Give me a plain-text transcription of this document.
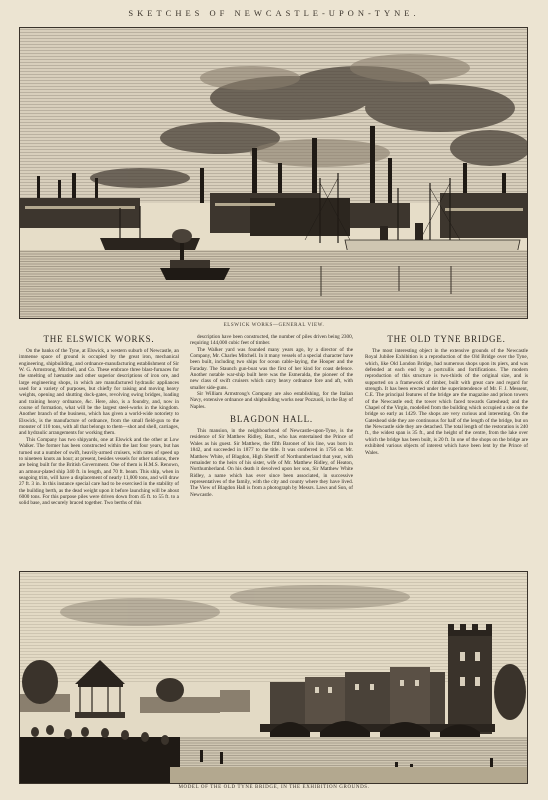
SKETCHES OF NEWCASTLE-UPON-TYNE.
ELSWICK WORKS—GENERAL VIEW.
THE ELSWICK WORKS.

On the banks of the Tyne, at Elswick, a western suburb of Newcastle, an immense space of ground is occupied by the great iron, mechanical engineering, shipbuilding, and ordnance-manufacturing establishment of Sir W. G. Armstrong, Mitchell, and Co. These embrace three blast-furnaces for the smelting of hæmatite and other superior descriptions of iron ore, and large engineering shops, in which are manufactured hydraulic appliances used for a variety of purposes, but chiefly for raising and moving heavy weights, opening and shutting dock-gates, revolving swing bridges, loading and training heavy ordnance, &c. Here, also, is a foundry, and, now in course of formation, what will be the largest steel-works in the kingdom. Another branch of the business, which has given a world-wide notoriety to Elswick, is the manufacture of ordnance, from the small field-gun to the monster of 110 tons, with all that belongs to them—shot and shell, carriages, and hydraulic arrangements for working them.

This Company has two shipyards, one at Elswick and the other at Low Walker. The former has been constructed within the last four years, but has turned out a number of swift, heavily-armed cruisers, with rates of speed up to nineteen knots an hour; at present, besides vessels for other nations, there are being built for the British Government. One of them is H.M.S. Renown, an armour-plated ship 340 ft. in length, and 70 ft. beam. This ship, when in seagoing trim, will have a displacement of nearly 11,000 tons, and will draw 27 ft. 3 in. In this instance special care had to be exercised in the stability of the building berth, as the dead weight upon it before launching will be about 6000 tons. For this purpose piles were driven down from 45 ft. to 55 ft. to a solid base, and securely braced together. Two berths of this

description have been constructed, the number of piles driven being 2300, requiring 144,000 cubic feet of timber.

The Walker yard was founded many years ago, by a director of the Company, Mr. Charles Mitchell. In it many vessels of a special character have been built, including two ships for ocean cable-laying, the Hooper and the Faraday. The Staunch gun-boat was the first of her kind for coast defence. Another notable war-ship built here was the Esmeralda, the pioneer of the new class of swift cruisers which carry heavy ordnance fore and aft, with smaller side-guns.

Sir William Armstrong's Company are also establishing, for the Italian Navy, extensive ordnance and shipbuilding works near Pozzuoli, in the Bay of Naples.

BLAGDON HALL.

This mansion, in the neighbourhood of Newcastle-upon-Tyne, is the residence of Sir Matthew Ridley, Bart., who has entertained the Prince of Wales as his guest. Sir Matthew, the fifth Baronet of his line, was born in 1842, and succeeded in 1877 to the title. It was conferred in 1756 on Mr. Matthew White, of Blagdon, High Sheriff of Northumberland that year, with remainder to the heirs of his sister, wife of Mr. Matthew Ridley, of Heaton, Northumberland. On his death it devolved upon her son, Sir Matthew White Ridley, a name which has ever since been associated, in successive representatives of the family, with the city and county where they have lived. The View of Blagdon Hall is from a photograph by Messrs. Laws and Son, of Newcastle.

THE OLD TYNE BRIDGE.

The most interesting object in the extensive grounds of the Newcastle Royal Jubilee Exhibition is a reproduction of the Old Bridge over the Tyne, which, like Old London Bridge, had numerous shops upon its piers, and was defended at each end by a portcullis and fortifications. The modern reproduction of this structure is two-thirds of the original size, and is supported on a framework of timber, built with great care and regard for strength. It has been erected under the superintendence of Mr. F. J. Messent, C.E. The principal features of the bridge are the magazine and prison towers of the Newcastle end; the tower which faced towards Gateshead; and the Chapel of the Virgin, modelled from the building which occupied a site on the bridge so early as 1429. The shops are very curious and interesting. On the Gateshead side they are continuous for half of the length of the bridge, but on the Newcastle side they are detached. The total length of the restoration is 240 ft., the widest span is 35 ft., and the height of the centre, from the lake over which the bridge has been built, is 20 ft. In one of the shops on the bridge are exhibited various objects of interest which have been lent by the Prince of Wales.

MODEL OF THE OLD TYNE BRIDGE, IN THE EXHIBITION GROUNDS.
